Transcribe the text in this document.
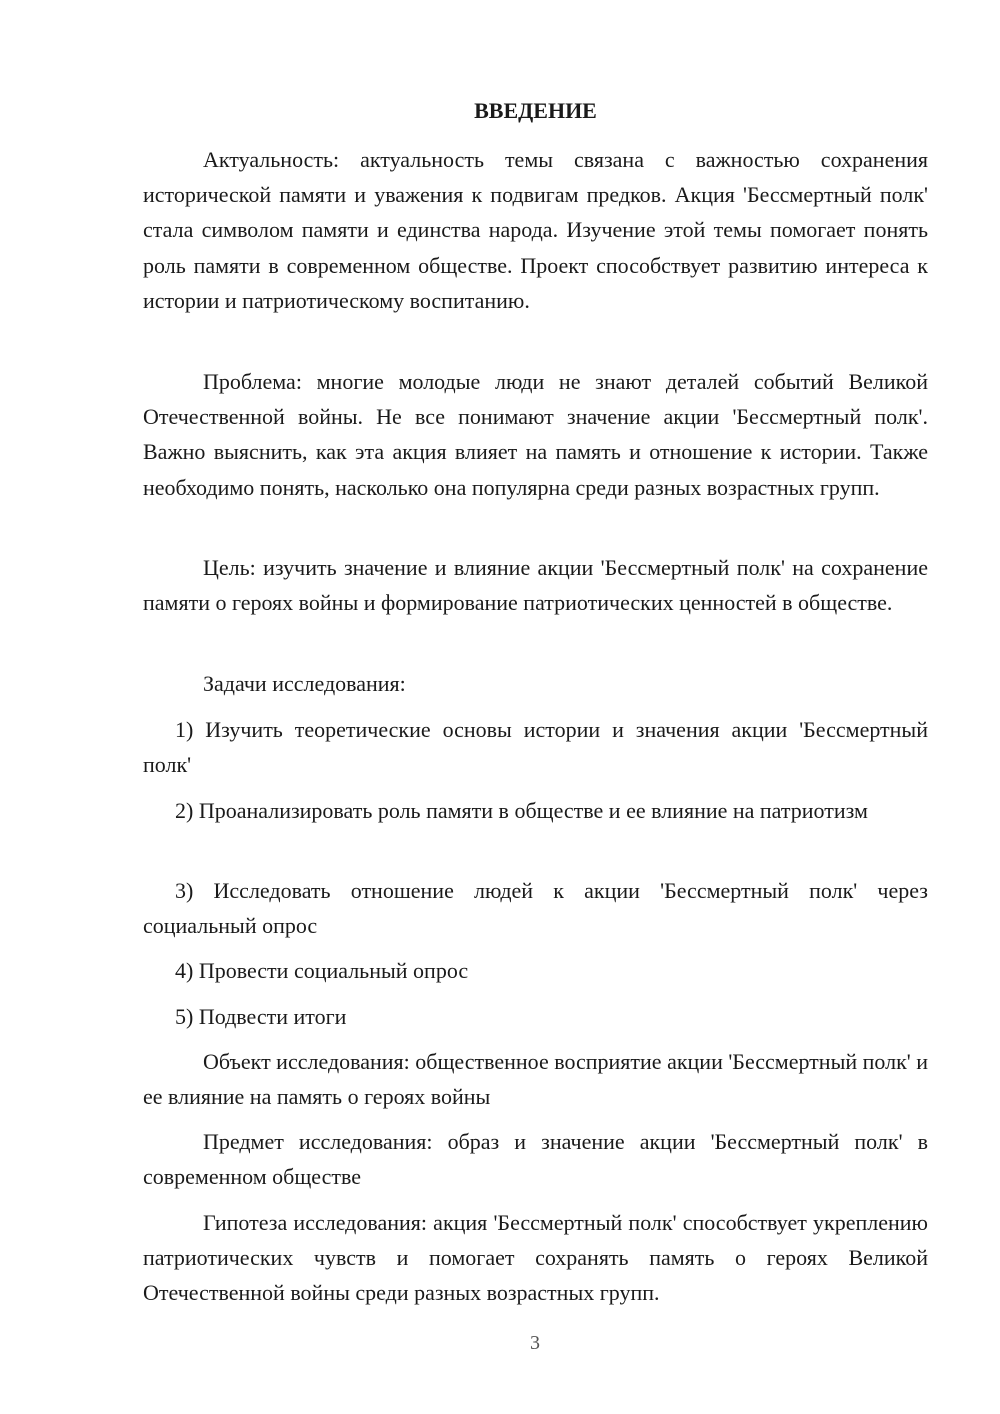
ВВЕДЕНИЕ

Актуальность: актуальность темы связана с важностью сохранения исторической памяти и уважения к подвигам предков. Акция 'Бессмертный полк' стала символом памяти и единства народа. Изучение этой темы помогает понять роль памяти в современном обществе. Проект способствует развитию интереса к истории и патриотическому воспитанию.

Проблема: многие молодые люди не знают деталей событий Великой Отечественной войны. Не все понимают значение акции 'Бессмертный полк'. Важно выяснить, как эта акция влияет на память и отношение к истории. Также необходимо понять, насколько она популярна среди разных возрастных групп.

Цель: изучить значение и влияние акции 'Бессмертный полк' на сохранение памяти о героях войны и формирование патриотических ценностей в обществе.

Задачи исследования:

1) Изучить теоретические основы истории и значения акции 'Бессмертный полк'

2) Проанализировать роль памяти в обществе и ее влияние на патриотизм

3) Исследовать отношение людей к акции 'Бессмертный полк' через социальный опрос

4) Провести социальный опрос

5) Подвести итоги

Объект исследования: общественное восприятие акции 'Бессмертный полк' и ее влияние на память о героях войны

Предмет исследования: образ и значение акции 'Бессмертный полк' в современном обществе

Гипотеза исследования: акция 'Бессмертный полк' способствует укреплению патриотических чувств и помогает сохранять память о героях Великой Отечественной войны среди разных возрастных групп.

3
